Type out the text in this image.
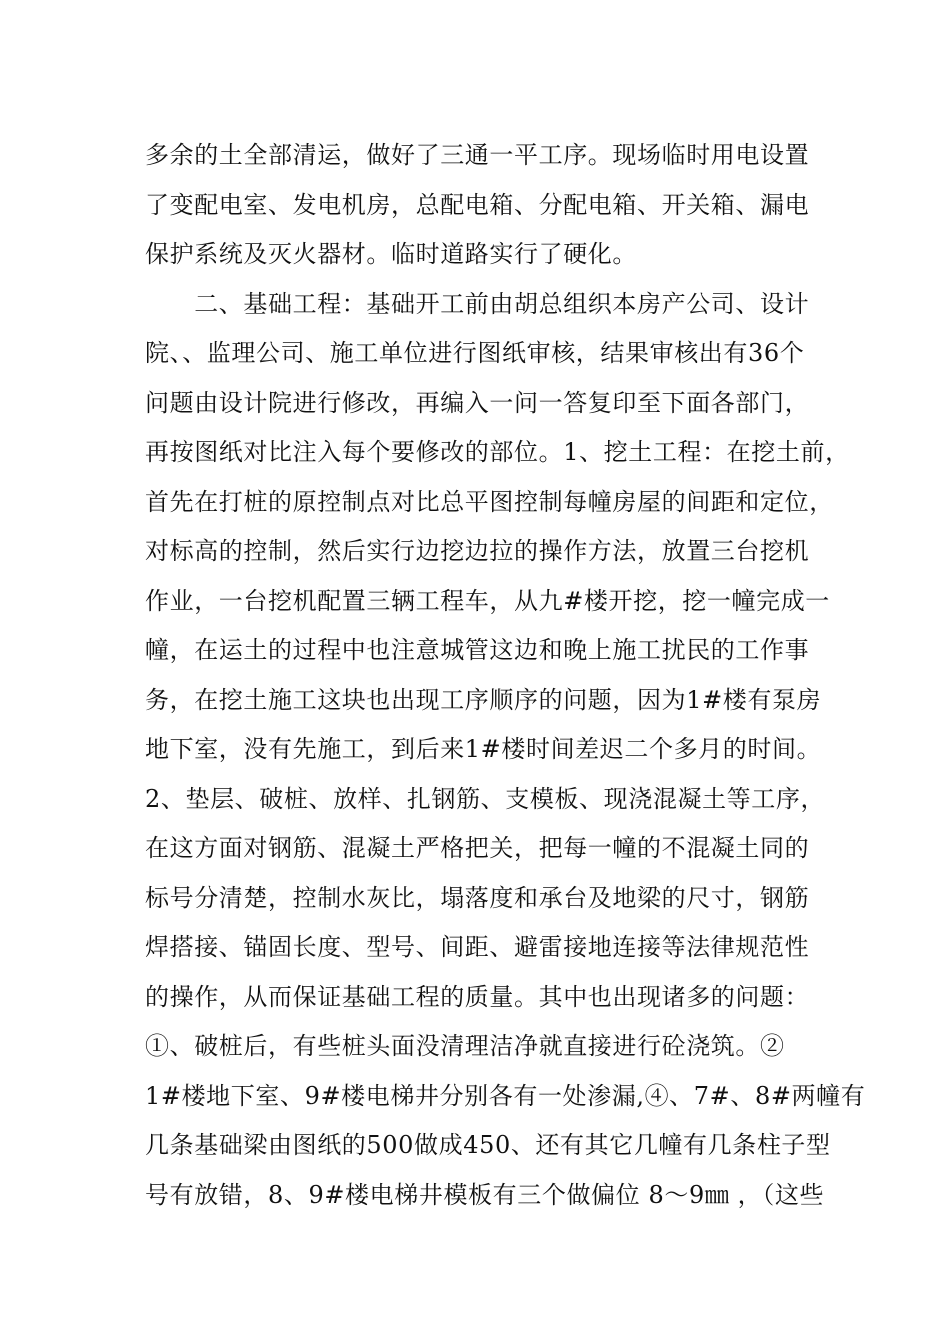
多余的土全部清运，做好了三通一平工序。现场临时用电设置
了变配电室、发电机房，总配电箱、分配电箱、开关箱、漏电
保护系统及灭火器材。临时道路实行了硬化。
　　二、基础工程：基础开工前由胡总组织本房产公司、设计
院、、监理公司、施工单位进行图纸审核，结果审核出有36个
问题由设计院进行修改，再编入一问一答复印至下面各部门，
再按图纸对比注入每个要修改的部位。1、挖土工程：在挖土前，
首先在打桩的原控制点对比总平图控制每幢房屋的间距和定位，
对标高的控制，然后实行边挖边拉的操作方法，放置三台挖机
作业，一台挖机配置三辆工程车，从九#楼开挖，挖一幢完成一
幢，在运土的过程中也注意城管这边和晚上施工扰民的工作事
务，在挖土施工这块也出现工序顺序的问题，因为1#楼有泵房
地下室，没有先施工，到后来1#楼时间差迟二个多月的时间。
2、垫层、破桩、放样、扎钢筋、支模板、现浇混凝土等工序，
在这方面对钢筋、混凝土严格把关，把每一幢的不混凝土同的
标号分清楚，控制水灰比，塌落度和承台及地梁的尺寸，钢筋
焊搭接、锚固长度、型号、间距、避雷接地连接等法律规范性
的操作，从而保证基础工程的质量。其中也出现诸多的问题：
①、破桩后，有些桩头面没清理洁净就直接进行砼浇筑。②
1#楼地下室、9#楼电梯井分别各有一处渗漏,④、7#、8#两幢有
几条基础梁由图纸的500做成450、还有其它几幢有几条柱子型
号有放错，8、9#楼电梯井模板有三个做偏位 8～9㎜ ，（这些
